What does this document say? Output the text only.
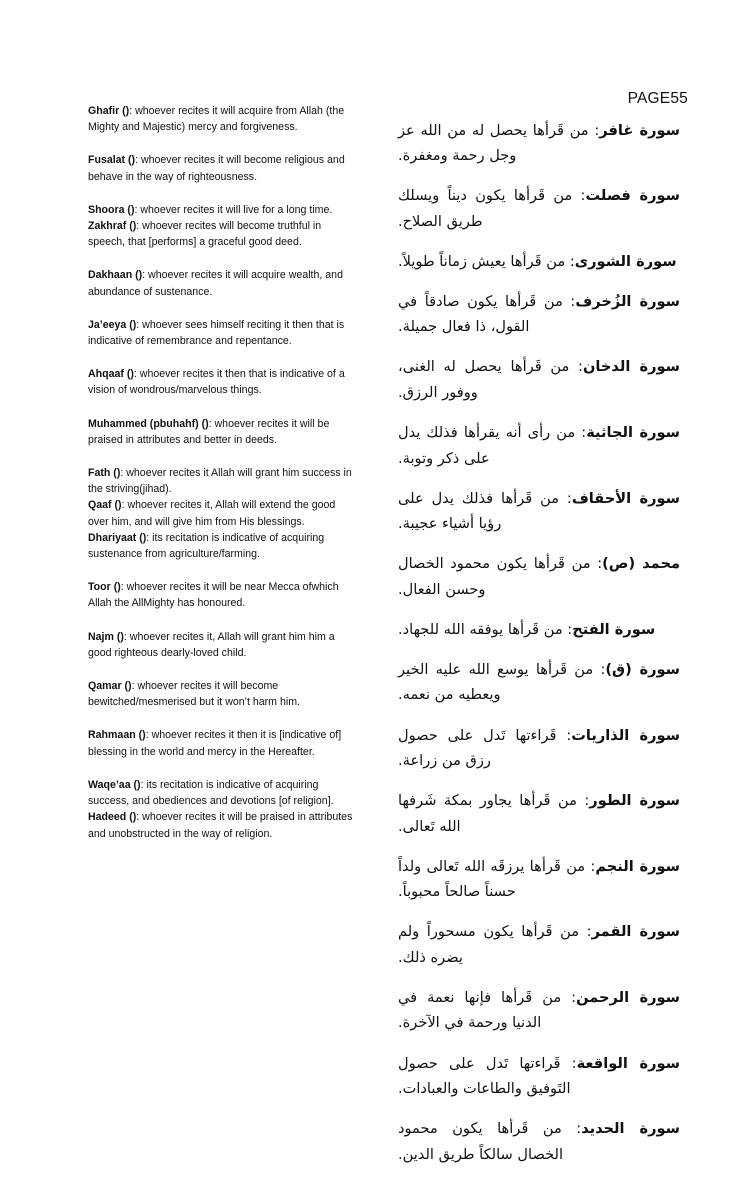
PAGE55

Ghafir (): whoever recites it will acquire from Allah (the Mighty and Majestic) mercy and forgiveness.

Fusalat (): whoever recites it will become religious and behave in the way of righteousness.

Shoora (): whoever recites it will live for a long time.

Zakhraf (): whoever recites will become truthful in speech, that [performs] a graceful good deed.

Dakhaan (): whoever recites it will acquire wealth, and abundance of sustenance.

Ja’eeya (): whoever sees himself reciting it then that is indicative of remembrance and repentance.

Ahqaaf (): whoever recites it then that is indicative of a vision of wondrous/marvelous things.

Muhammed (pbuhahf) (): whoever recites it will be praised in attributes and better in deeds.

Fath (): whoever recites it Allah will grant him success in the striving(jihad).

Qaaf (): whoever recites it, Allah will extend the good over him, and will give him from His blessings.

Dhariyaat (): its recitation is indicative of acquiring sustenance from agriculture/farming.

Toor (): whoever recites it will be near Mecca ofwhich Allah the AllMighty has honoured.

Najm (): whoever recites it, Allah will grant him him a good righteous dearly-loved child.

Qamar (): whoever recites it will become bewitched/mesmerised but it won’t harm him.

Rahmaan (): whoever recites it then it is [indicative of] blessing in the world and mercy in the Hereafter.

Waqe’aa (): its recitation is indicative of acquiring success, and obediences and devotions [of religion].

Hadeed (): whoever recites it will be praised in attributes and unobstructed in the way of religion.

سورة غافر: من قَرأها يحصل له من الله عز وجل رحمة ومغفرة.

سورة فصلت: من قَرأها يكون ديناً ويسلك طريق الصلاح.

سورة الشورى: من قَرأها يعيش زماناً طويلاً.

سورة الزُخرف: من قَرأها يكون صادقاً في القول، ذا فعال جميلة.

سورة الدخان: من قَرأها يحصل له الغنى، ووفور الرزق.

سورة الجاثية: من رأى أنه يقرأها فذلك يدل على ذكر وتوبة.

سورة الأحقاف: من قَرأها فذلك يدل على رؤيا أشياء عجيبة.

محمد (ص): من قَرأها يكون محمود الخصال وحسن الفعال.

سورة الفتح: من قَرأها يوفقه الله للجهاد.

سورة (ق): من قَرأها يوسع الله عليه الخير ويعطيه من نعمه.

سورة الذاريات: قَراءتها تَدل على حصول رزق من زراعة.

سورة الطور: من قَرأها يجاور بمكة شَرفها الله تَعالى.

سورة النجم: من قَرأها يرزقَه الله تَعالى ولداً حسناً صالحاً محبوباً.

سورة القمر: من قَرأها يكون مسحوراً ولم يضره ذلك.

سورة الرحمن: من قَرأها فإنها نعمة في الدنيا ورحمة في الآخرة.

سورة الواقعة: قَراءتها تَدل على حصول التَوفيق والطاعات والعبادات.

سورة الحديد: من قَرأها يكون محمود الخصال سالكاً طريق الدين.
